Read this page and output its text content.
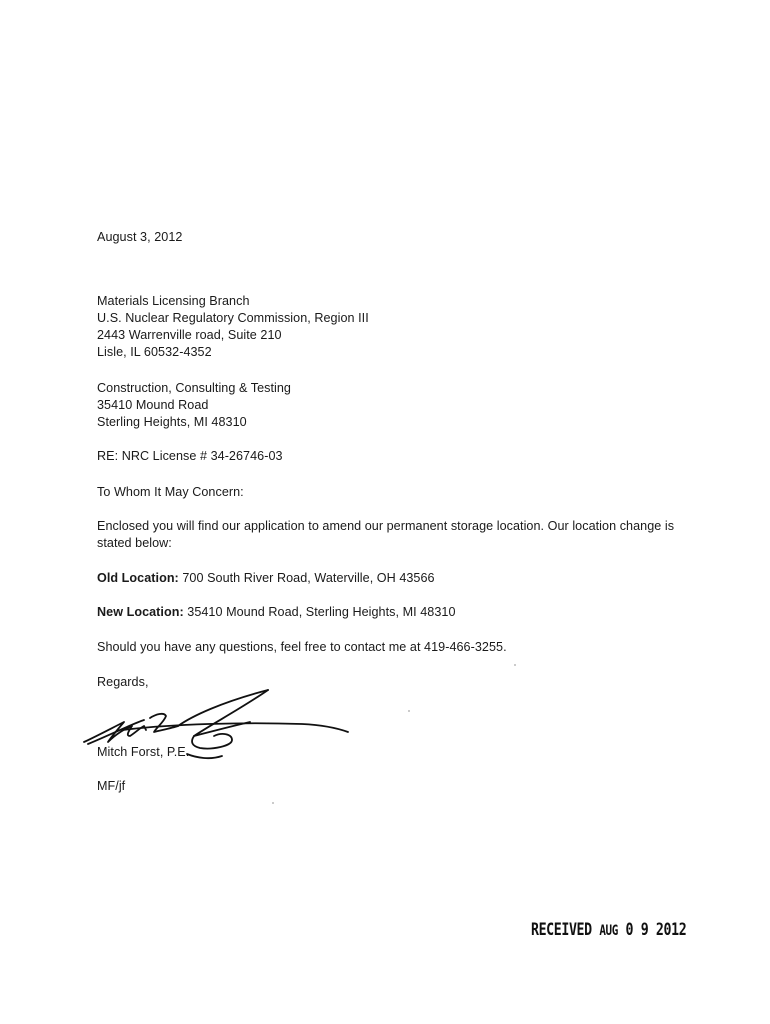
August 3, 2012
Materials Licensing Branch
U.S. Nuclear Regulatory Commission, Region III
2443 Warrenville road, Suite 210
Lisle, IL 60532-4352
Construction, Consulting & Testing
35410 Mound Road
Sterling Heights, MI 48310
RE: NRC License # 34-26746-03
To Whom It May Concern:
Enclosed you will find our application to amend our permanent storage location. Our location change is
stated below:
Old Location: 700 South River Road, Waterville, OH 43566
New Location: 35410 Mound Road, Sterling Heights, MI 48310
Should you have any questions, feel free to contact me at 419-466-3255.
Regards,
Mitch Forst, P.E.
MF/jf
RECEIVED AUG 0 9 2012
